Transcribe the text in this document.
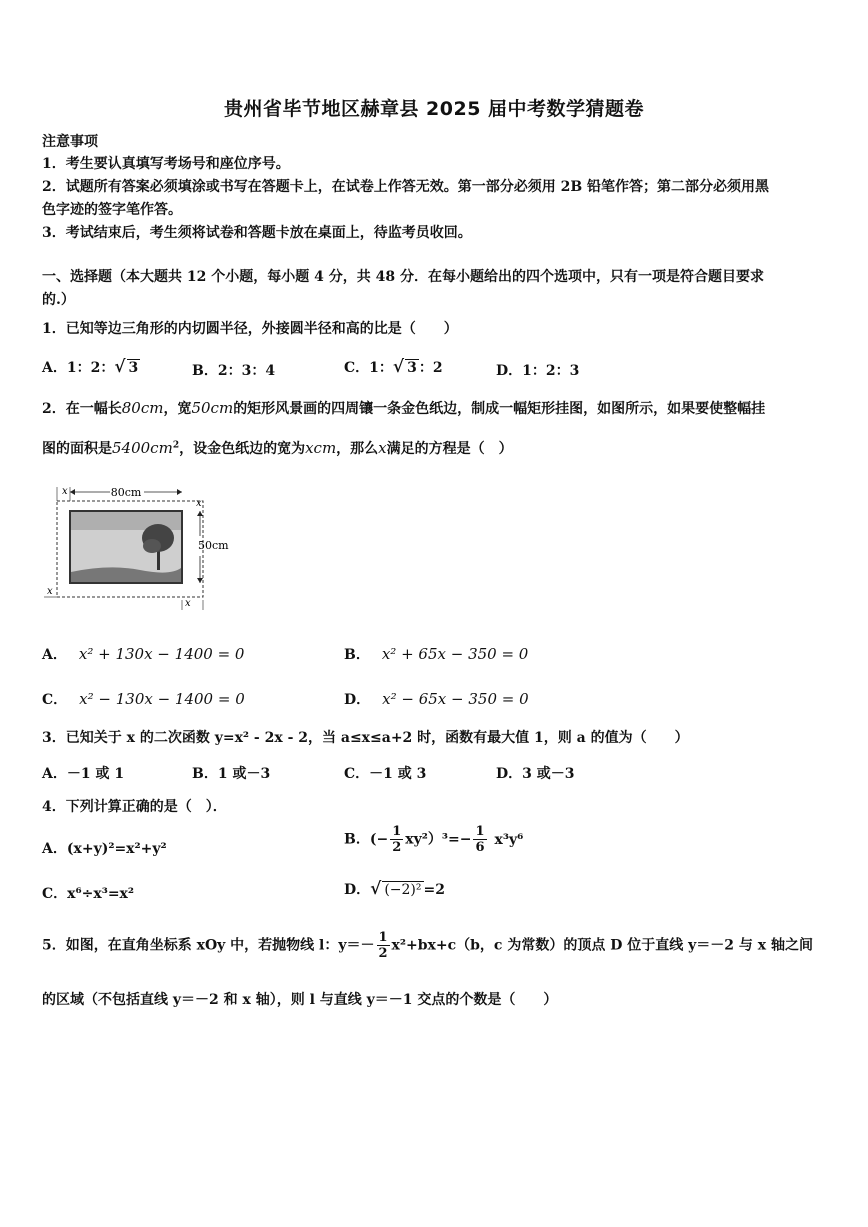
贵州省毕节地区赫章县 2025 届中考数学猜题卷
注意事项
1．考生要认真填写考场号和座位序号。
2．试题所有答案必须填涂或书写在答题卡上，在试卷上作答无效。第一部分必须用 2B 铅笔作答；第二部分必须用黑
色字迹的签字笔作答。
3．考试结束后，考生须将试卷和答题卡放在桌面上，待监考员收回。
一、选择题（本大题共 12 个小题，每小题 4 分，共 48 分．在每小题给出的四个选项中，只有一项是符合题目要求
的.）
1．已知等边三角形的内切圆半径，外接圆半径和高的比是（　　）
A．1：2：√ 3	B．2：3：4	C．1：√ 3 ：2	D．1：2：3
2．在一幅长80cm，宽50cm的矩形风景画的四周镶一条金色纸边，制成一幅矩形挂图，如图所示，如果要使整幅挂
图的面积是$5400cm^2$，设金色纸边的宽为xcm，那么x满足的方程是（　）
80cm
x
50cm
x
x
x
A． x² + 130x − 1400 = 0	B． x² + 65x − 350 = 0
C． x² − 130x − 1400 = 0	D． x² − 65x − 350 = 0
3．已知关于 x 的二次函数 y=x² - 2x - 2，当 a≤x≤a+2 时，函数有最大值 1，则 a 的值为（　　）
A．－1 或 1	B．1 或－3	C．－1 或 3	D．3 或－3
4．下列计算正确的是（　）．
A．(x+y)²=x²+y²
B．(− $\frac{1}{2} xy^2)^3=- \frac{1}{6} x^3y^6$
C．x⁶÷x³=x²	D．√ (−2)² =2
5．如图，在直角坐标系 xOy 中，若抛物线 l：$y=- \frac{1}{2} x^2+bx+c(b$，c 为常数）的顶点 D 位于直线 y＝－2 与 x 轴之间
的区域（不包括直线 y＝－2 和 x 轴），则 l 与直线 y＝－1 交点的个数是（　　）
